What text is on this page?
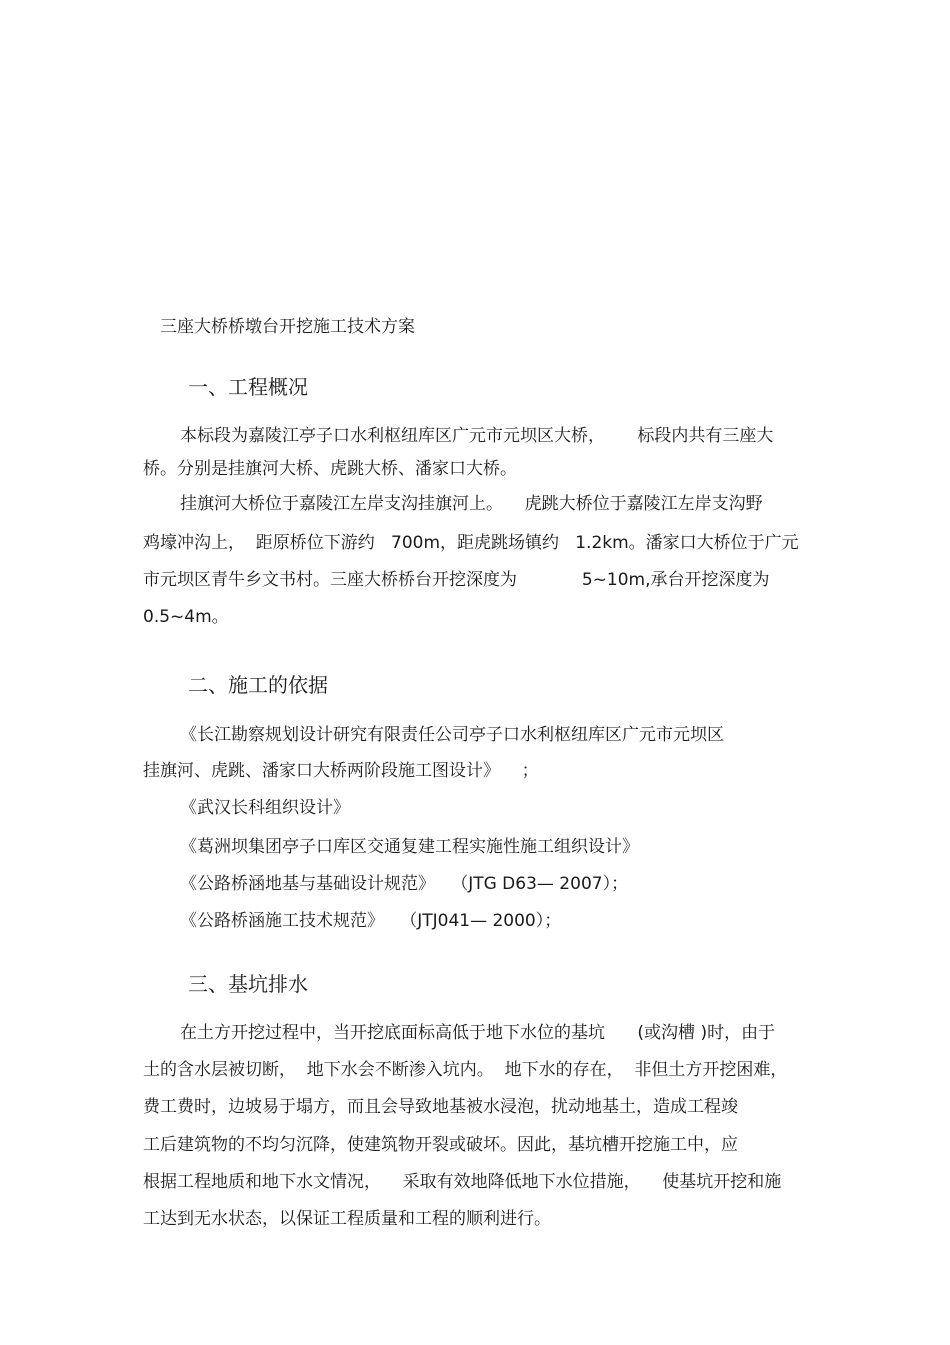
三座大桥桥墩台开挖施工技术方案
一、工程概况
本标段为嘉陵江亭子口水利枢纽库区广元市元坝区大桥，      标段内共有三座大
桥。分别是挂旗河大桥、虎跳大桥、潘家口大桥。
挂旗河大桥位于嘉陵江左岸支沟挂旗河上。    虎跳大桥位于嘉陵江左岸支沟野
鸡壕冲沟上，  距原桥位下游约   700m，距虎跳场镇约   1.2km。潘家口大桥位于广元
市元坝区青牛乡文书村。三座大桥桥台开挖深度为            5~10m,承台开挖深度为
0.5~4m。
二、施工的依据
《长江勘察规划设计研究有限责任公司亭子口水利枢纽库区广元市元坝区
挂旗河、虎跳、潘家口大桥两阶段施工图设计》    ；
《武汉长科组织设计》
《葛洲坝集团亭子口库区交通复建工程实施性施工组织设计》
《公路桥涵地基与基础设计规范》   （JTG D63— 2007）；
《公路桥涵施工技术规范》   （JTJ041— 2000）；
三、基坑排水
在土方开挖过程中，当开挖底面标高低于地下水位的基坑      (或沟槽 )时，由于
土的含水层被切断，  地下水会不断渗入坑内。  地下水的存在，  非但土方开挖困难，
费工费时，边坡易于塌方，而且会导致地基被水浸泡，扰动地基土，造成工程竣
工后建筑物的不均匀沉降，使建筑物开裂或破坏。因此，基坑槽开挖施工中，应
根据工程地质和地下水文情况，    采取有效地降低地下水位措施，    使基坑开挖和施
工达到无水状态，以保证工程质量和工程的顺利进行。
